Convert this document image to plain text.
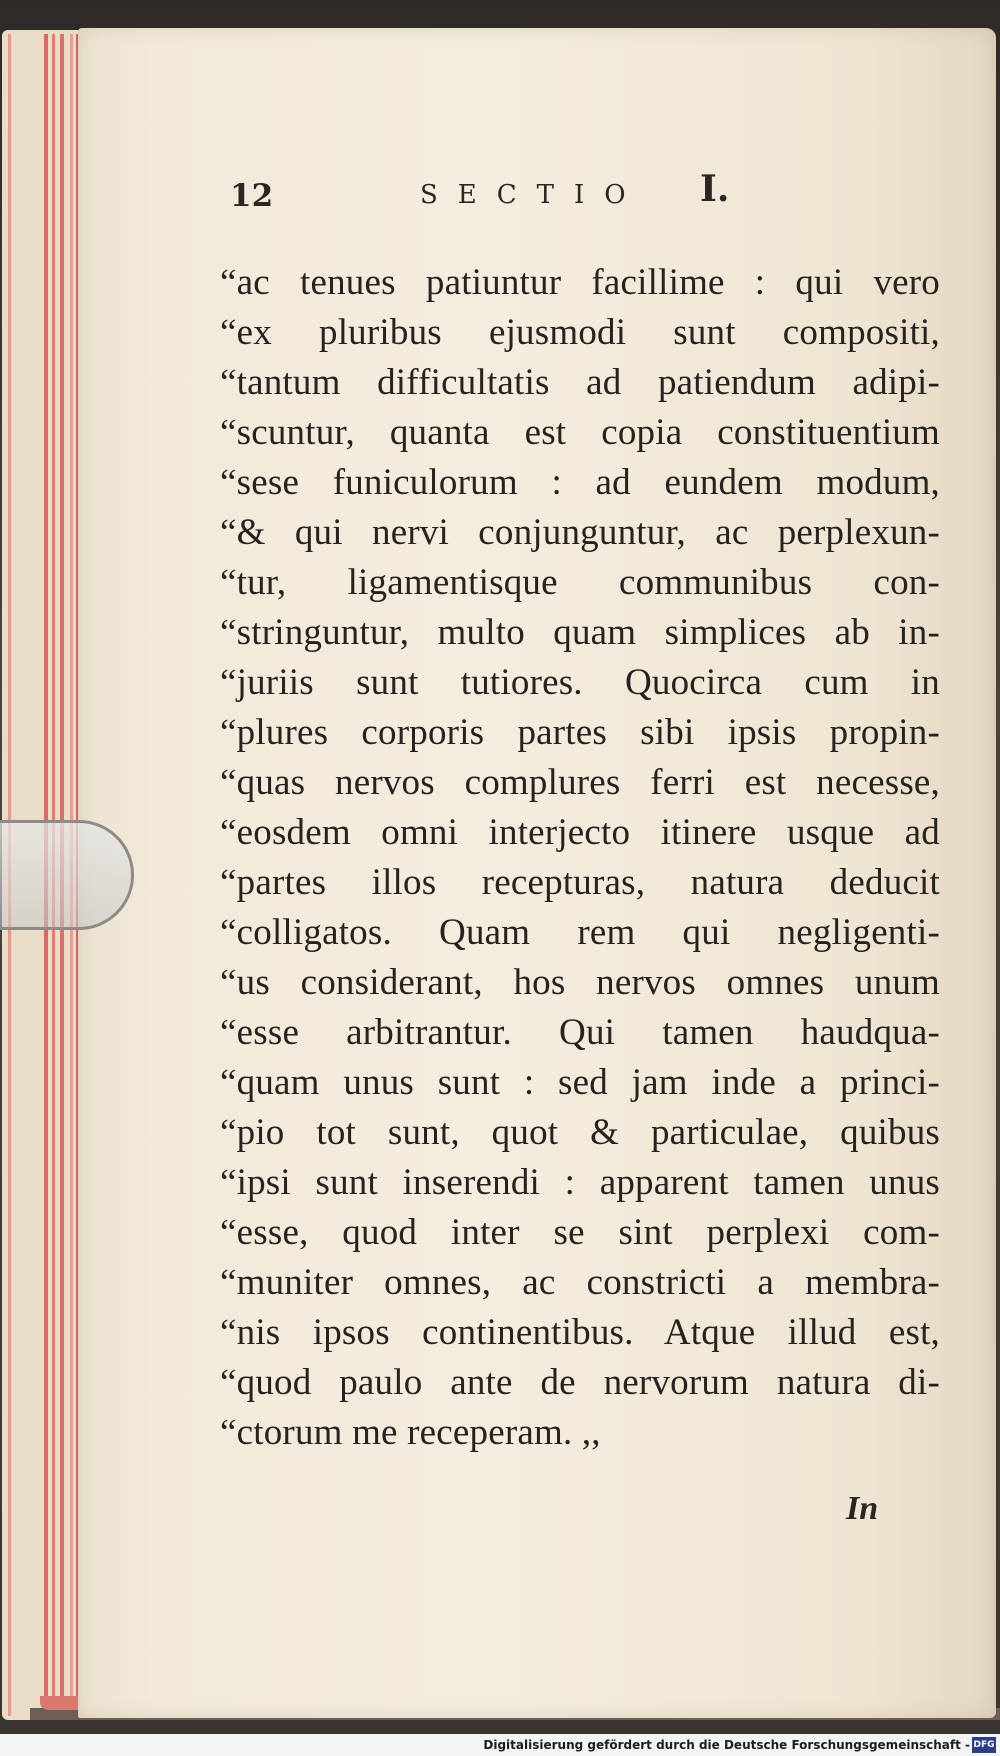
12	SECTIO I.
“ac tenues patiuntur facillime : qui vero
“ex pluribus ejusmodi sunt compositi,
“tantum difficultatis ad patiendum adipi-
“scuntur, quanta est copia constituentium
“sese funiculorum : ad eundem modum,
“& qui nervi conjunguntur, ac perplexun-
“tur, ligamentisque communibus con-
“stringuntur, multo quam simplices ab in-
“juriis sunt tutiores. Quocirca cum in
“plures corporis partes sibi ipsis propin-
“quas nervos complures ferri est necesse,
“eosdem omni interjecto itinere usque ad
“partes illos recepturas, natura deducit
“colligatos. Quam rem qui negligenti-
“us considerant, hos nervos omnes unum
“esse arbitrantur. Qui tamen haudqua-
“quam unus sunt : sed jam inde a princi-
“pio tot sunt, quot & particulae, quibus
“ipsi sunt inserendi : apparent tamen unus
“esse, quod inter se sint perplexi com-
“muniter omnes, ac constricti a membra-
“nis ipsos continentibus. Atque illud est,
“quod paulo ante de nervorum natura di-
“ctorum me receperam. ,,
In
Digitalisierung gefördert durch die Deutsche Forschungsgemeinschaft - DFG
